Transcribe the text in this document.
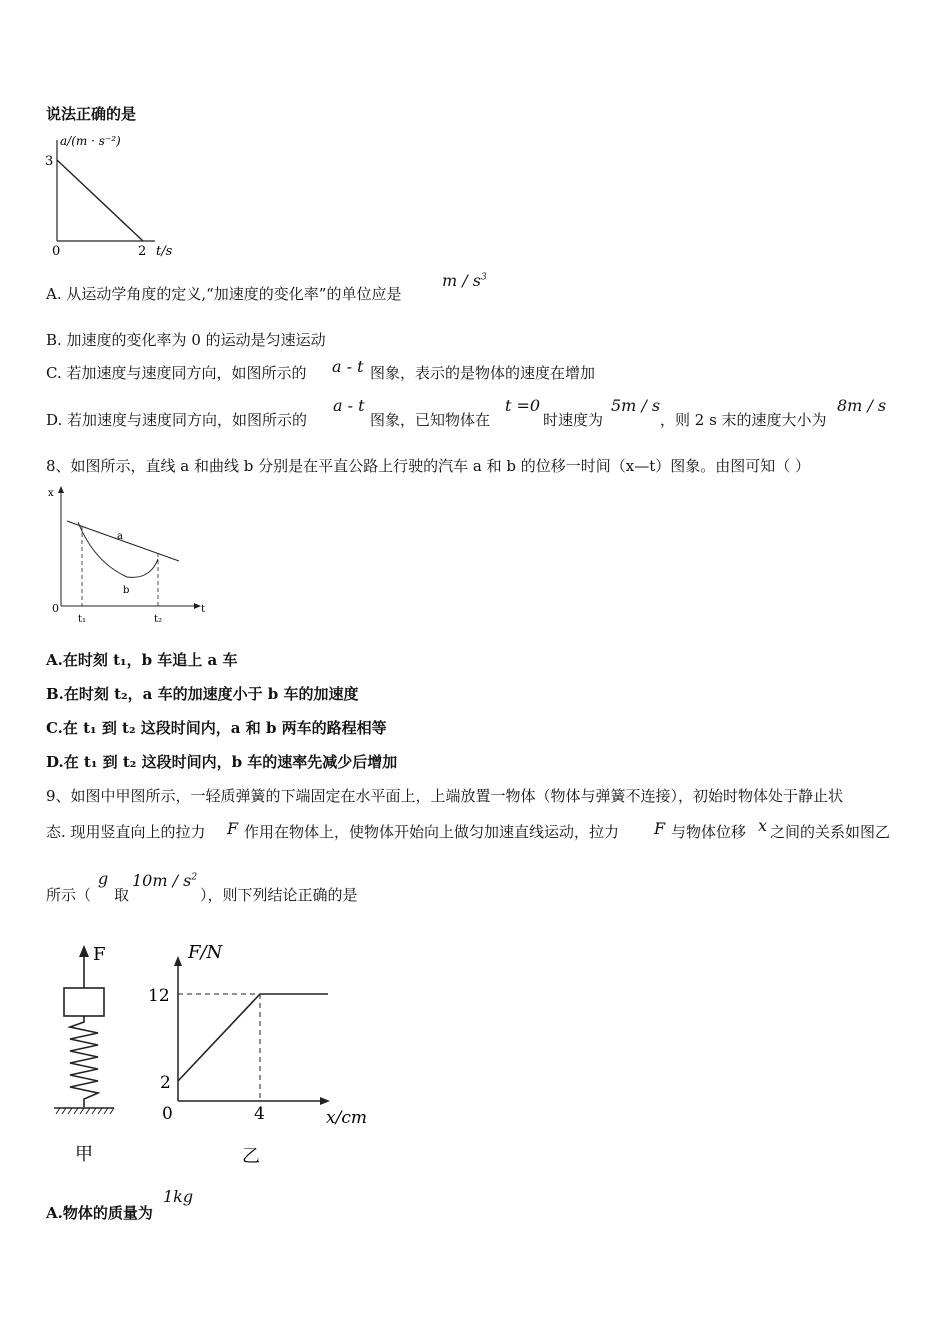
说法正确的是
a/(m · s⁻²)
3
0	2 t/s
A. 从运动学角度的定义,“加速度的变化率”的单位应是
m / $s^3$
B. 加速度的变化率为 0 的运动是匀速运动
C. 若加速度与速度同方向，如图所示的 a - t 图象，表示的是物体的速度在增加
D. 若加速度与速度同方向，如图所示的
a - t
图象，已知物体在
t =0
时速度为
5m / s
，则 2 s 末的速度大小为
8m / s
8、如图所示，直线 a 和曲线 b 分别是在平直公路上行驶的汽车 a 和 b 的位移一时间（x—t）图象。由图可知（ ）
x
t
0
a
b
t₁	t₂
A.在时刻 t₁，b 车追上 a 车
B.在时刻 t₂，a 车的加速度小于 b 车的加速度
C.在 t₁ 到 t₂ 这段时间内，a 和 b 两车的路程相等
D.在 t₁ 到 t₂ 这段时间内，b 车的速率先减少后增加
9、如图中甲图所示，一轻质弹簧的下端固定在水平面上，上端放置一物体（物体与弹簧不连接），初始时物体处于静止状
态. 现用竖直向上的拉力 F 作用在物体上，使物体开始向上做匀加速直线运动，拉力 F 与物体位移 x 之间的关系如图乙
所示（
g
取
$10m / s^2$
），则下列结论正确的是
F
甲
F/N
12
2
0	4	x/cm
乙
A.物体的质量为
1kg
